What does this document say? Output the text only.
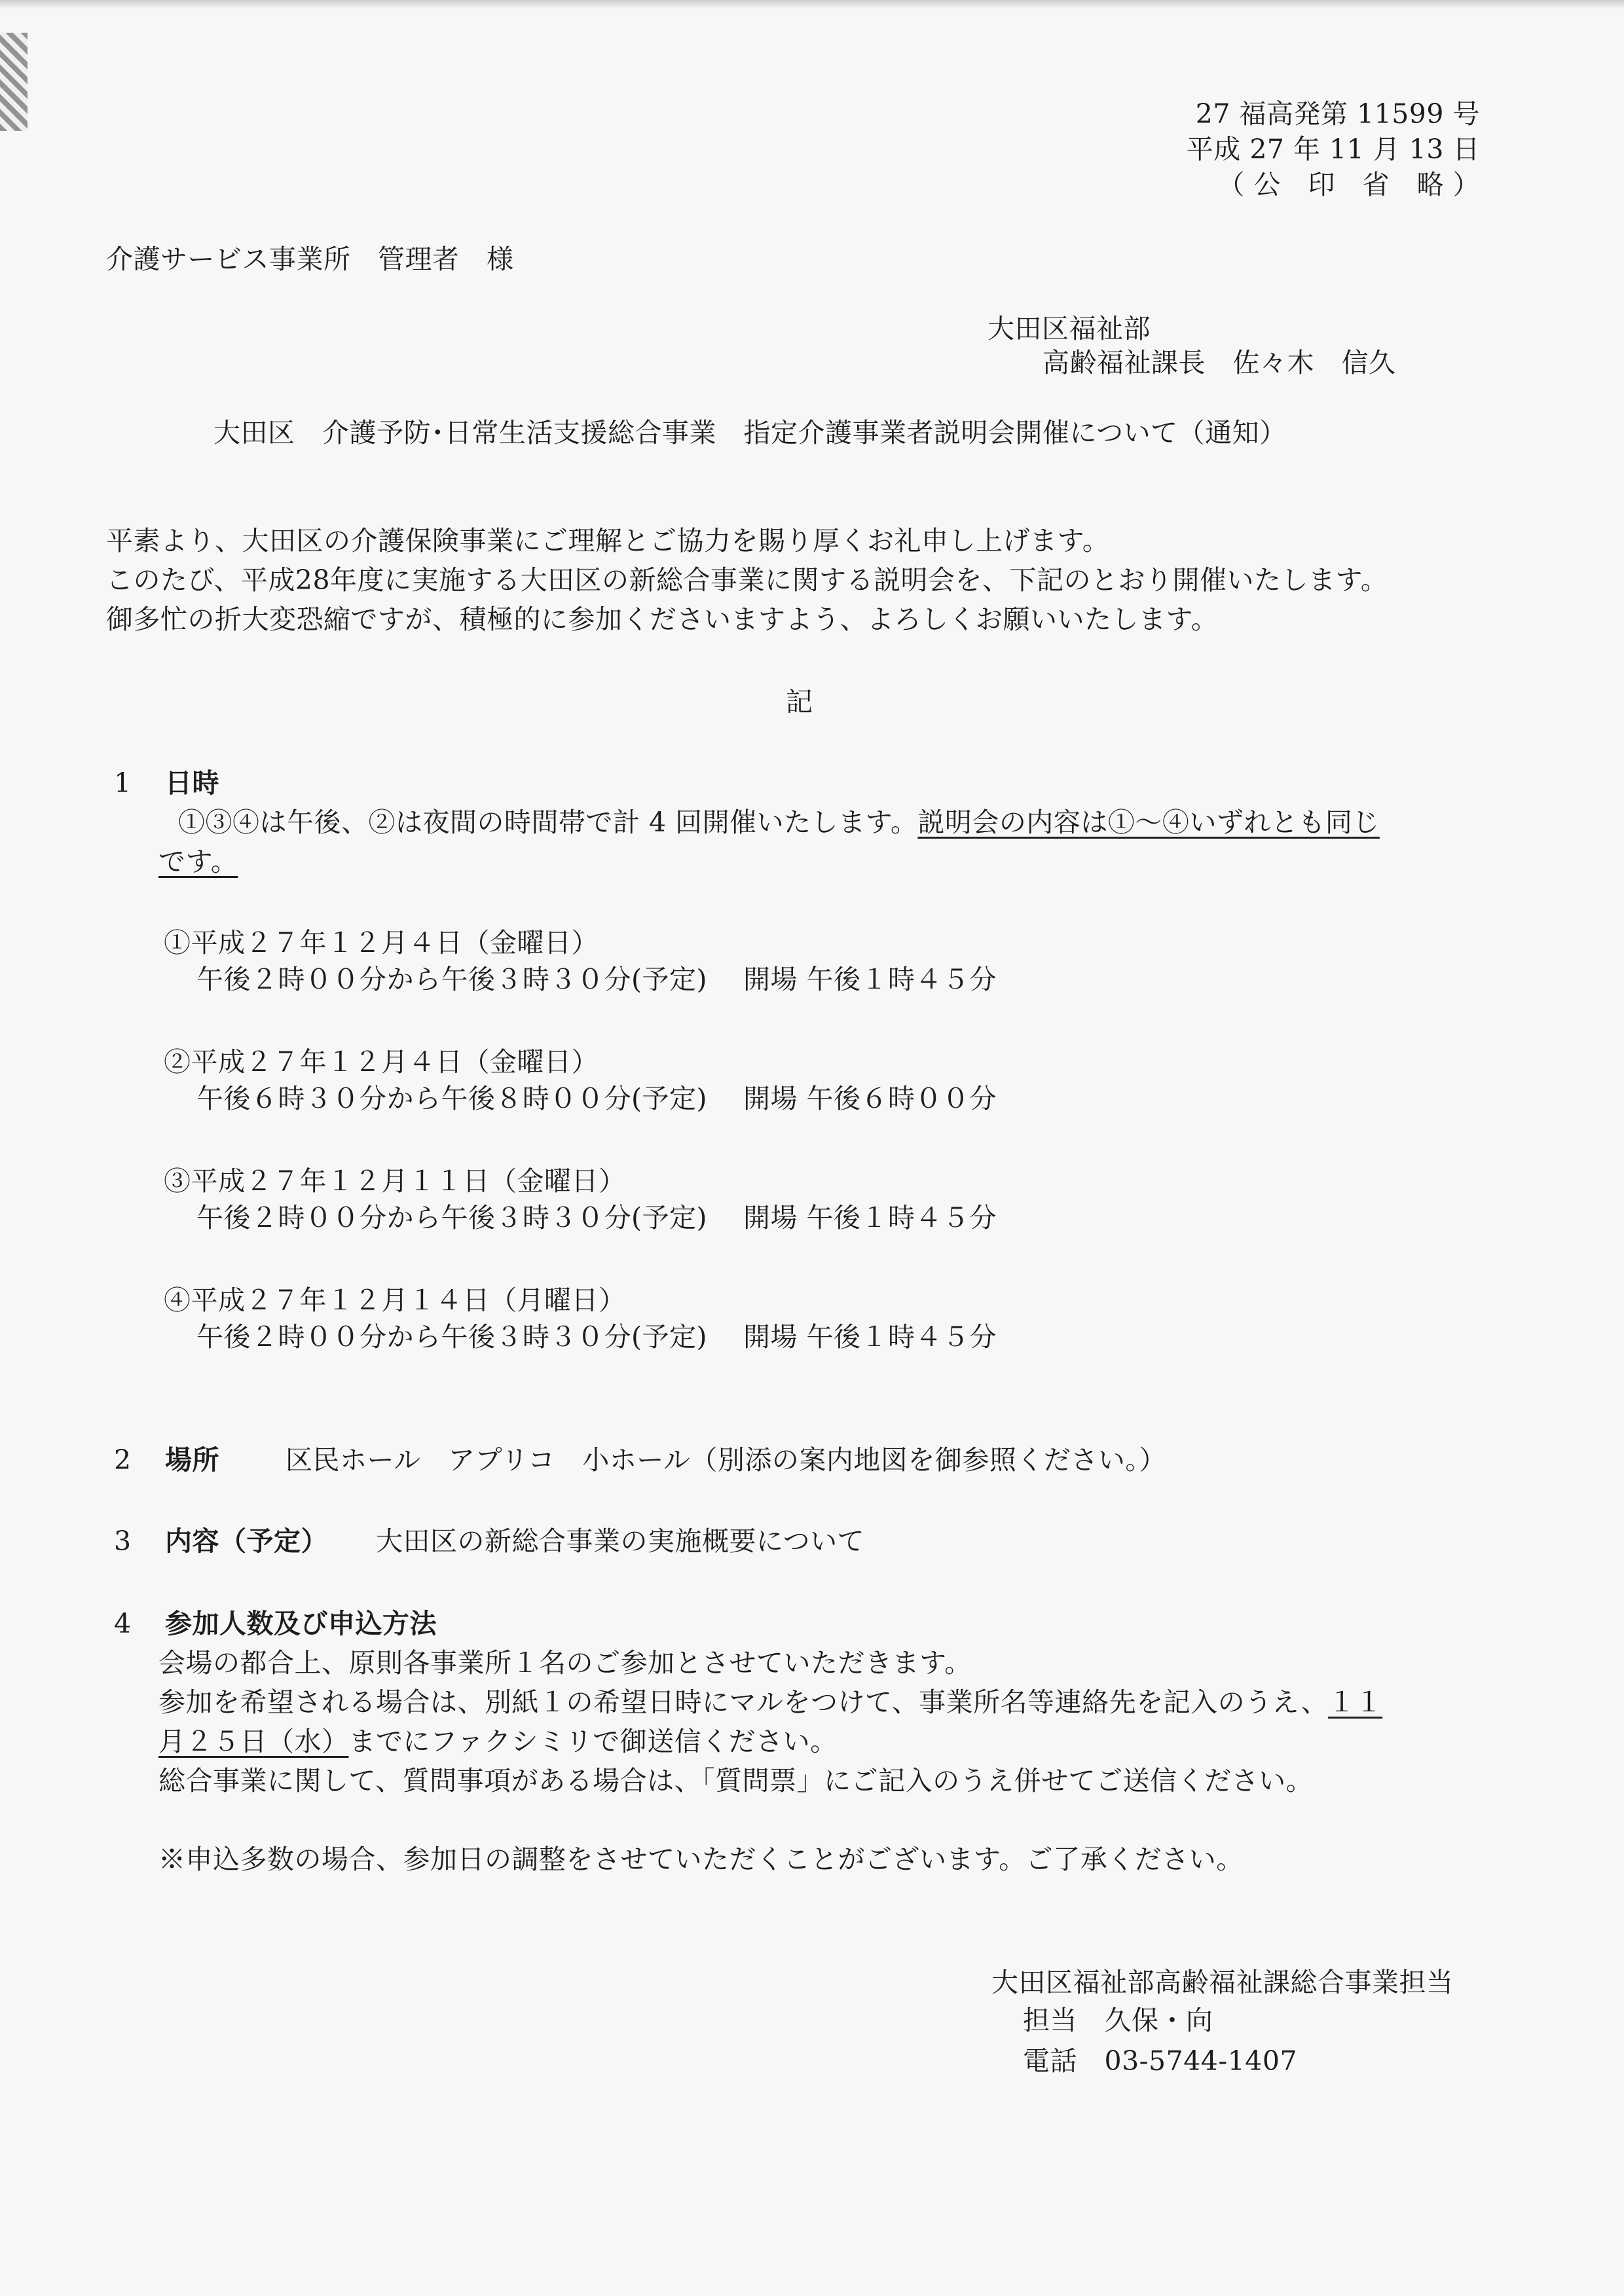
27 福高発第 11599 号
平成 27 年 11 月 13 日
（ 公　印　省　略 ）
介護サービス事業所　管理者　様
大田区福祉部
高齢福祉課長　佐々木　信久
大田区　介護予防･日常生活支援総合事業　指定介護事業者説明会開催について（通知）
平素より、大田区の介護保険事業にご理解とご協力を賜り厚くお礼申し上げます。
このたび、平成28年度に実施する大田区の新総合事業に関する説明会を、下記のとおり開催いたします。
御多忙の折大変恐縮ですが、積極的に参加くださいますよう、よろしくお願いいたします。
記
1 日時
①③④は午後、②は夜間の時間帯で計 4 回開催いたします。説明会の内容は①～④いずれとも同じ
です。
①平成２７年１２月４日（金曜日）
午後２時００分から午後３時３０分(予定)　 開場 午後１時４５分
②平成２７年１２月４日（金曜日）
午後６時３０分から午後８時００分(予定)　 開場 午後６時００分
③平成２７年１２月１１日（金曜日）
午後２時００分から午後３時３０分(予定)　 開場 午後１時４５分
④平成２７年１２月１４日（月曜日）
午後２時００分から午後３時３０分(予定)　 開場 午後１時４５分
2 場所 区民ホール　アプリコ　小ホール（別添の案内地図を御参照ください。）
3 内容（予定） 大田区の新総合事業の実施概要について
4 参加人数及び申込方法
会場の都合上、原則各事業所１名のご参加とさせていただきます。
参加を希望される場合は、別紙１の希望日時にマルをつけて、事業所名等連絡先を記入のうえ、１１
月２５日（水）までにファクシミリで御送信ください。
総合事業に関して、質問事項がある場合は、「質問票」にご記入のうえ併せてご送信ください。
※申込多数の場合、参加日の調整をさせていただくことがございます。ご了承ください。
大田区福祉部高齢福祉課総合事業担当
担当　久保・向
電話　03-5744-1407
